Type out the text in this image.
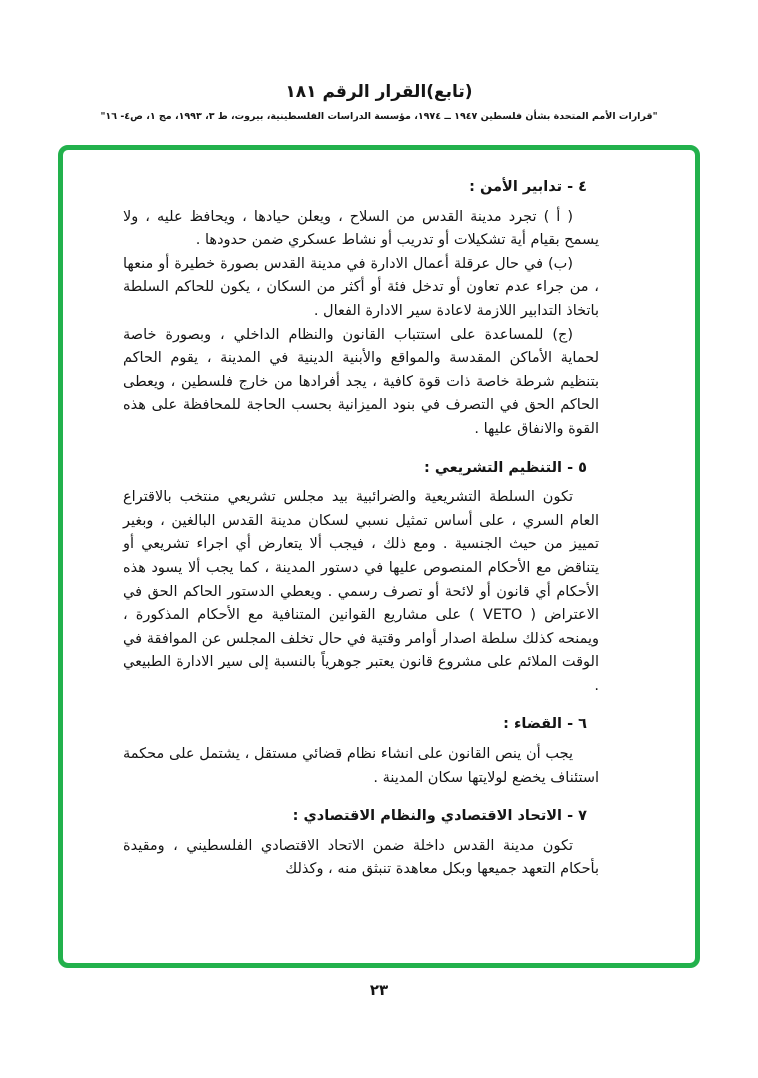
(تابع)القرار الرقم ١٨١
"قرارات الأمم المتحدة بشأن فلسطين ١٩٤٧ ــ ١٩٧٤، مؤسسة الدراسات الفلسطينية، بيروت، ط ٣، ١٩٩٣، مج ١، ص٤- ١٦"
٤ - تدابير الأمن :

( أ ) تجرد مدينة القدس من السلاح ، ويعلن حيادها ، ويحافظ عليه ، ولا يسمح بقيام أية تشكيلات أو تدريب أو نشاط عسكري ضمن حدودها .

(ب) في حال عرقلة أعمال الادارة في مدينة القدس بصورة خطيرة أو منعها ، من جراء عدم تعاون أو تدخل فئة أو أكثر من السكان ، يكون للحاكم السلطة باتخاذ التدابير اللازمة لاعادة سير الادارة الفعال .

(ج) للمساعدة على استتباب القانون والنظام الداخلي ، وبصورة خاصة لحماية الأماكن المقدسة والمواقع والأبنية الدينية في المدينة ، يقوم الحاكم بتنظيم شرطة خاصة ذات قوة كافية ، يجد أفرادها من خارج فلسطين ، ويعطى الحاكم الحق في التصرف في بنود الميزانية بحسب الحاجة للمحافظة على هذه القوة والانفاق عليها .

٥ - التنظيم التشريعي :

تكون السلطة التشريعية والضرائبية بيد مجلس تشريعي منتخب بالاقتراع العام السري ، على أساس تمثيل نسبي لسكان مدينة القدس البالغين ، وبغير تمييز من حيث الجنسية . ومع ذلك ، فيجب ألا يتعارض أي اجراء تشريعي أو يتناقض مع الأحكام المنصوص عليها في دستور المدينة ، كما يجب ألا يسود هذه الأحكام أي قانون أو لائحة أو تصرف رسمي . ويعطي الدستور الحاكم الحق في الاعتراض ( VETO ) على مشاريع القوانين المتنافية مع الأحكام المذكورة ، ويمنحه كذلك سلطة اصدار أوامر وقتية في حال تخلف المجلس عن الموافقة في الوقت الملائم على مشروع قانون يعتبر جوهرياً بالنسبة إلى سير الادارة الطبيعي .

٦ - القضاء :

يجب أن ينص القانون على انشاء نظام قضائي مستقل ، يشتمل على محكمة استئناف يخضع لولايتها سكان المدينة .

٧ - الاتحاد الاقتصادي والنظام الاقتصادي :

تكون مدينة القدس داخلة ضمن الاتحاد الاقتصادي الفلسطيني ، ومقيدة بأحكام التعهد جميعها وبكل معاهدة تنبثق منه ، وكذلك

٢٣
